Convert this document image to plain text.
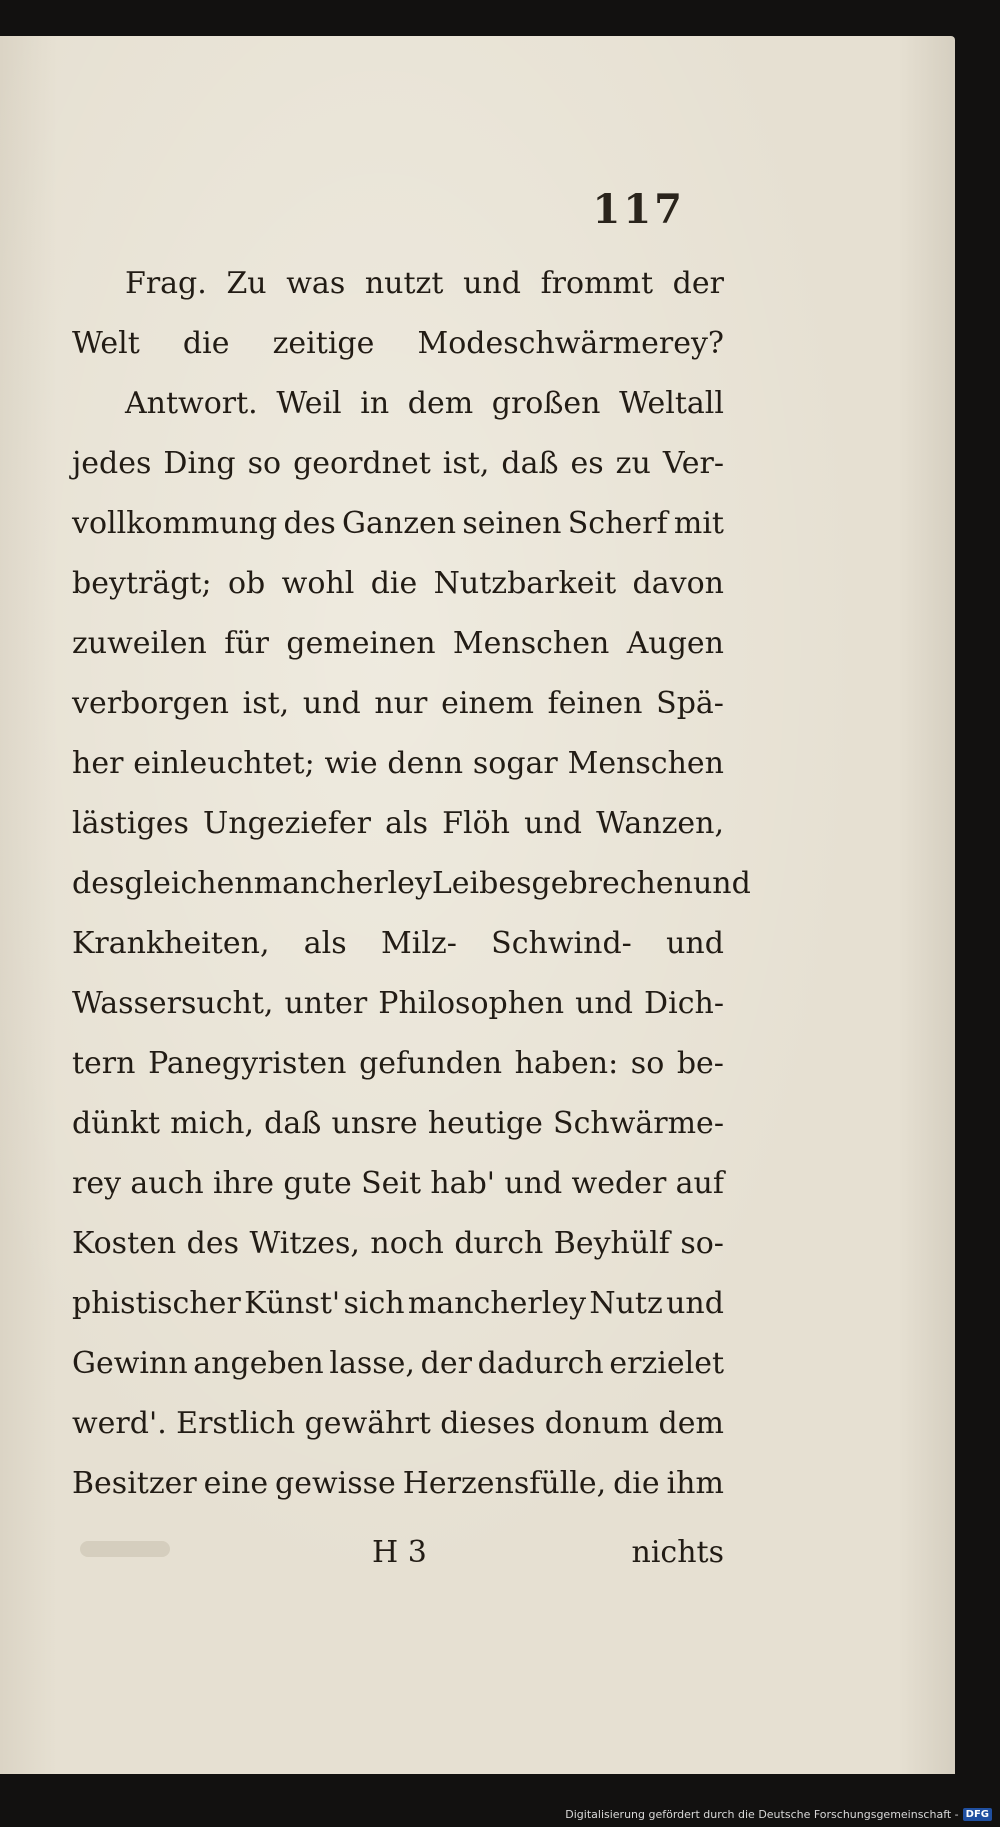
117
Frag. Zu was nutzt und frommt der
Welt die zeitige Modeschwärmerey?
Antwort. Weil in dem großen Weltall
jedes Ding so geordnet ist, daß es zu Ver-
vollkommung des Ganzen seinen Scherf mit
beyträgt; ob wohl die Nutzbarkeit davon
zuweilen für gemeinen Menschen Augen
verborgen ist, und nur einem feinen Spä-
her einleuchtet; wie denn sogar Menschen
lästiges Ungeziefer als Flöh und Wanzen,
desgleichen mancherley Leibesgebrechen und
Krankheiten, als Milz- Schwind- und
Wassersucht, unter Philosophen und Dich-
tern Panegyristen gefunden haben: so be-
dünkt mich, daß unsre heutige Schwärme-
rey auch ihre gute Seit hab' und weder auf
Kosten des Witzes, noch durch Beyhülf so-
phistischer Künst' sich mancherley Nutz und
Gewinn angeben lasse, der dadurch erzielet
werd'. Erstlich gewährt dieses donum dem
Besitzer eine gewisse Herzensfülle, die ihm
H 3	nichts
Digitalisierung gefördert durch die Deutsche Forschungsgemeinschaft - DFG
